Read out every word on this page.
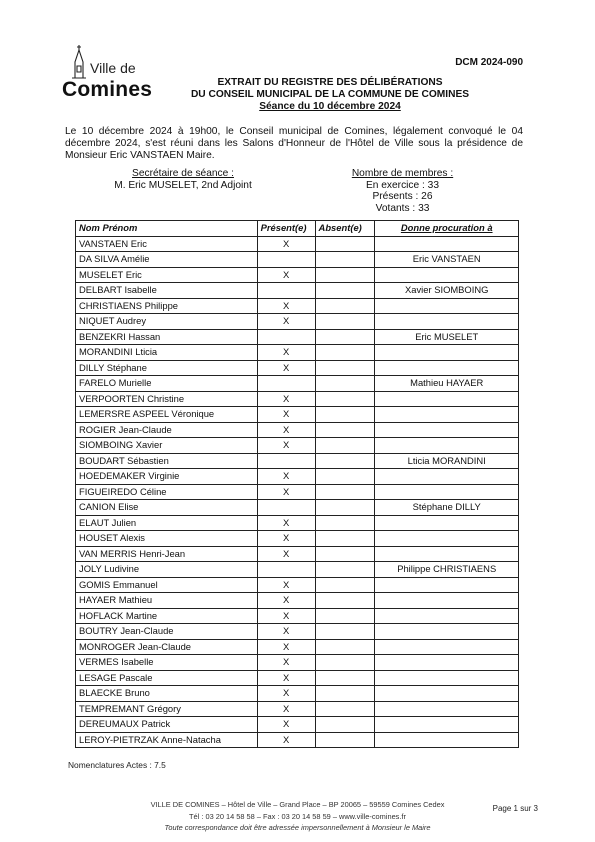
Ville de
Comines
DCM 2024-090
EXTRAIT DU REGISTRE DES DÉLIBÉRATIONS
DU CONSEIL MUNICIPAL DE LA COMMUNE DE COMINES
Séance du 10 décembre 2024
Le 10 décembre 2024 à 19h00, le Conseil municipal de Comines, légalement convoqué le 04 décembre 2024, s'est réuni dans les Salons d'Honneur de l'Hôtel de Ville sous la présidence de Monsieur Eric VANSTAEN Maire.
Secrétaire de séance :
M. Eric MUSELET, 2nd Adjoint
Nombre de membres :
En exercice : 33
Présents : 26
Votants : 33
Nom Prénom	Présent(e)	Absent(e)	Donne procuration à
VANSTAEN Eric	X		
DA SILVA Amélie			Eric VANSTAEN
MUSELET Eric	X		
DELBART Isabelle			Xavier SIOMBOING
CHRISTIAENS Philippe	X		
NIQUET Audrey	X		
BENZEKRI Hassan			Eric MUSELET
MORANDINI Lticia	X		
DILLY Stéphane	X		
FARELO Murielle			Mathieu HAYAER
VERPOORTEN Christine	X		
LEMERSRE ASPEEL Véronique	X		
ROGIER Jean-Claude	X		
SIOMBOING Xavier	X		
BOUDART Sébastien			Lticia MORANDINI
HOEDEMAKER Virginie	X		
FIGUEIREDO Céline	X		
CANION Elise			Stéphane DILLY
ELAUT Julien	X		
HOUSET Alexis	X		
VAN MERRIS Henri-Jean	X		
JOLY Ludivine			Philippe CHRISTIAENS
GOMIS Emmanuel	X		
HAYAER Mathieu	X		
HOFLACK Martine	X		
BOUTRY Jean-Claude	X		
MONROGER Jean-Claude	X		
VERMES Isabelle	X		
LESAGE Pascale	X		
BLAECKE Bruno	X		
TEMPREMANT Grégory	X		
DEREUMAUX Patrick	X		
LEROY-PIETRZAK Anne-Natacha	X		
Nomenclatures Actes : 7.5
VILLE DE COMINES – Hôtel de Ville – Grand Place – BP 20065 – 59559 Comines Cedex
Tél : 03 20 14 58 58 – Fax : 03 20 14 58 59 – www.ville-comines.fr
Toute correspondance doit être adressée impersonnellement à Monsieur le Maire
Page 1 sur 3
